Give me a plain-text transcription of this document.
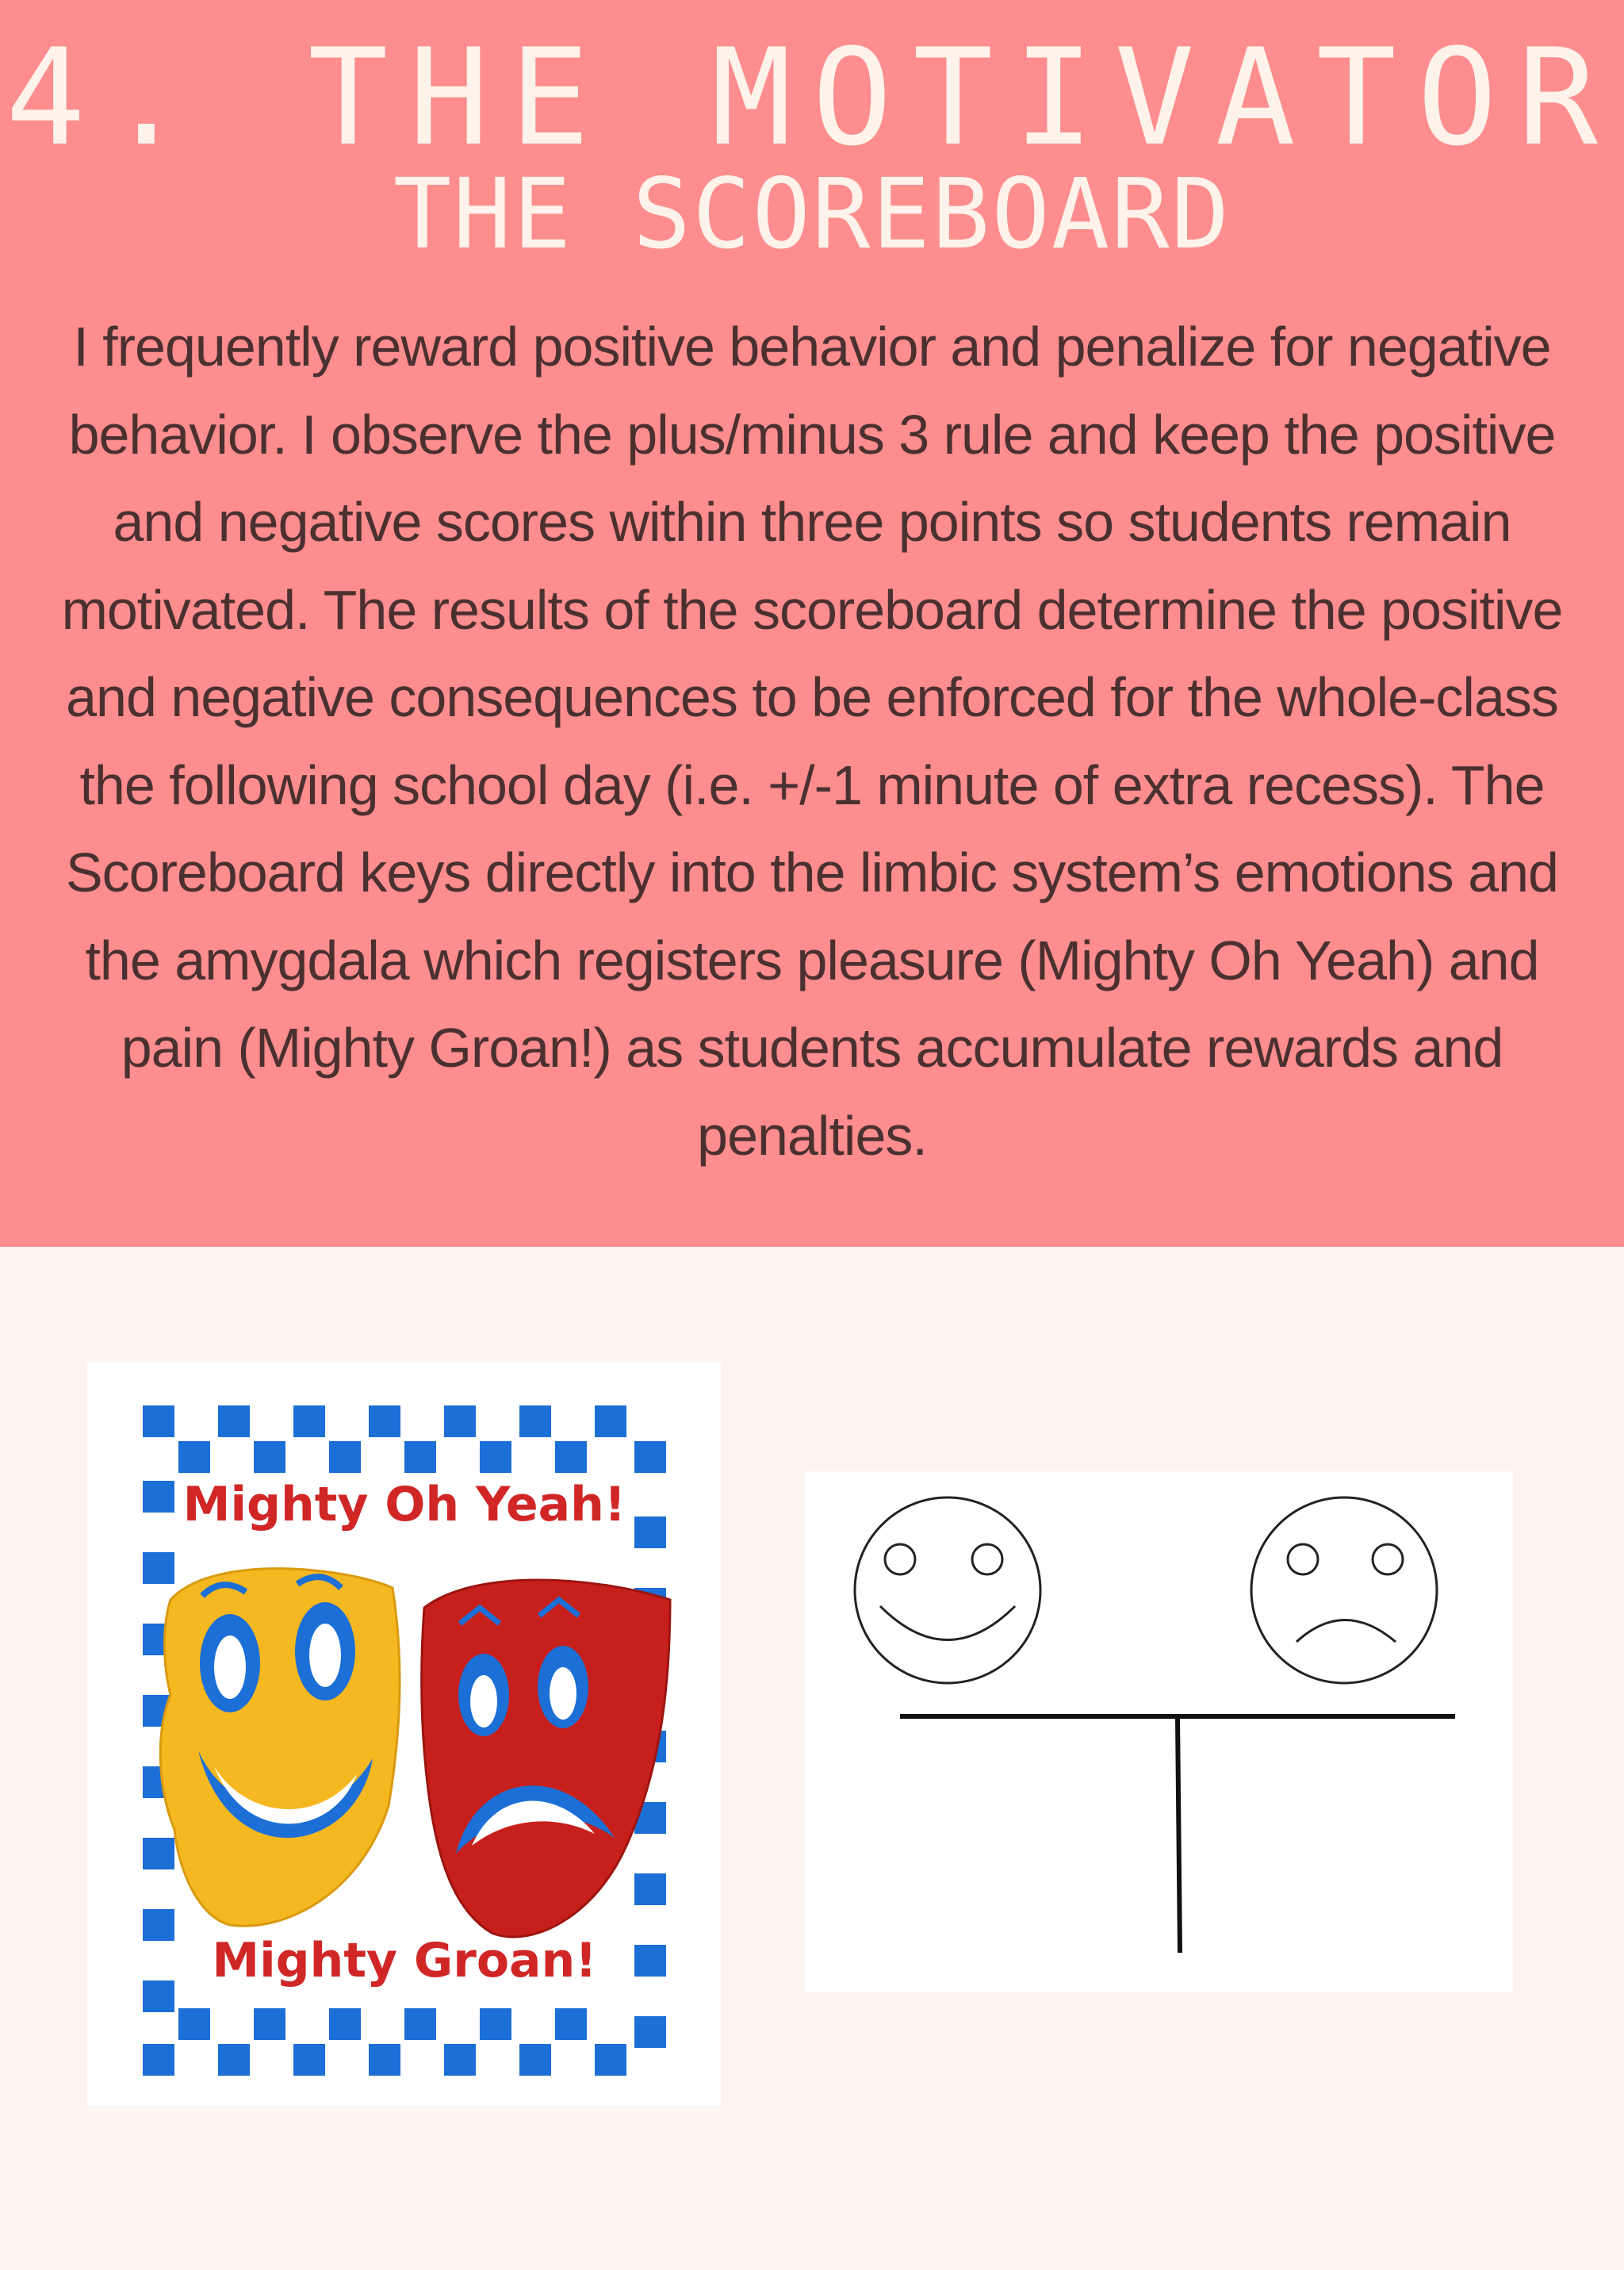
4. THE MOTIVATOR
THE SCOREBOARD
I frequently reward positive behavior and penalize for negative behavior. I observe the plus/minus 3 rule and keep the positive and negative scores within three points so students remain motivated. The results of the scoreboard determine the positive and negative consequences to be enforced for the whole-class the following school day (i.e. +/-1 minute of extra recess). The Scoreboard keys directly into the limbic system’s emotions and the amygdala which registers pleasure (Mighty Oh Yeah) and pain (Mighty Groan!) as students accumulate rewards and penalties.
Mighty Oh Yeah!
Mighty Groan!
